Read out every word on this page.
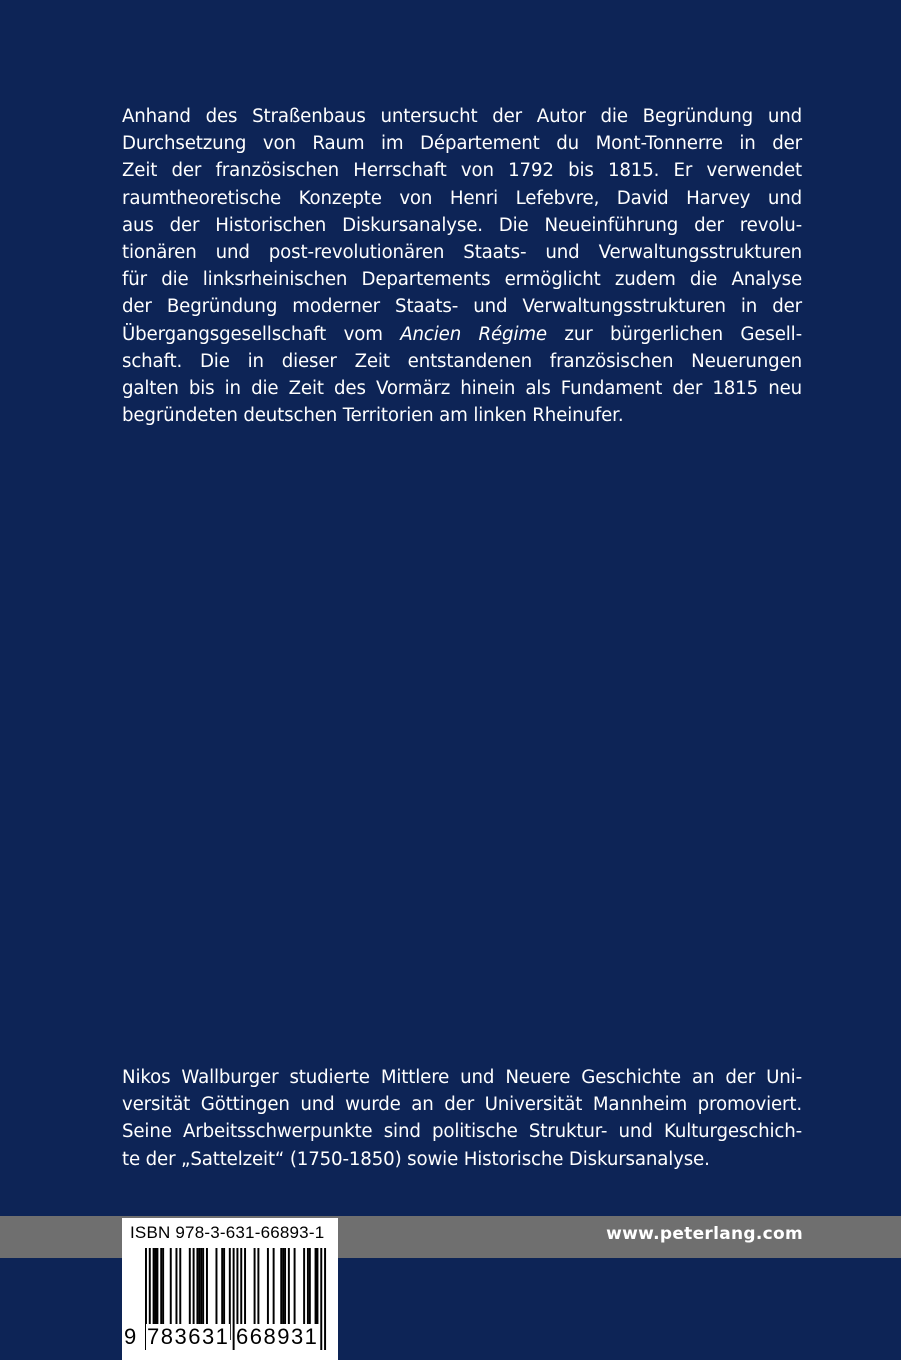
Anhand des Straßenbaus untersucht der Autor die Begründung und
Durchsetzung von Raum im Département du Mont-Tonnerre in der
Zeit der französischen Herrschaft von 1792 bis 1815. Er verwendet
raumtheoretische Konzepte von Henri Lefebvre, David Harvey und
aus der Historischen Diskursanalyse. Die Neueinführung der revolu-
tionären und post-revolutionären Staats- und Verwaltungsstrukturen
für die linksrheinischen Departements ermöglicht zudem die Analyse
der Begründung moderner Staats- und Verwaltungsstrukturen in der
Übergangsgesellschaft vom Ancien Régime zur bürgerlichen Gesell-
schaft. Die in dieser Zeit entstandenen französischen Neuerungen
galten bis in die Zeit des Vormärz hinein als Fundament der 1815 neu
begründeten deutschen Territorien am linken Rheinufer.

Nikos Wallburger studierte Mittlere und Neuere Geschichte an der Uni-
versität Göttingen und wurde an der Universität Mannheim promoviert.
Seine Arbeitsschwerpunkte sind politische Struktur- und Kulturgeschich-
te der „Sattelzeit“ (1750-1850) sowie Historische Diskursanalyse.

www.peterlang.com
ISBN 978-3-631-66893-1
9 783631 668931
